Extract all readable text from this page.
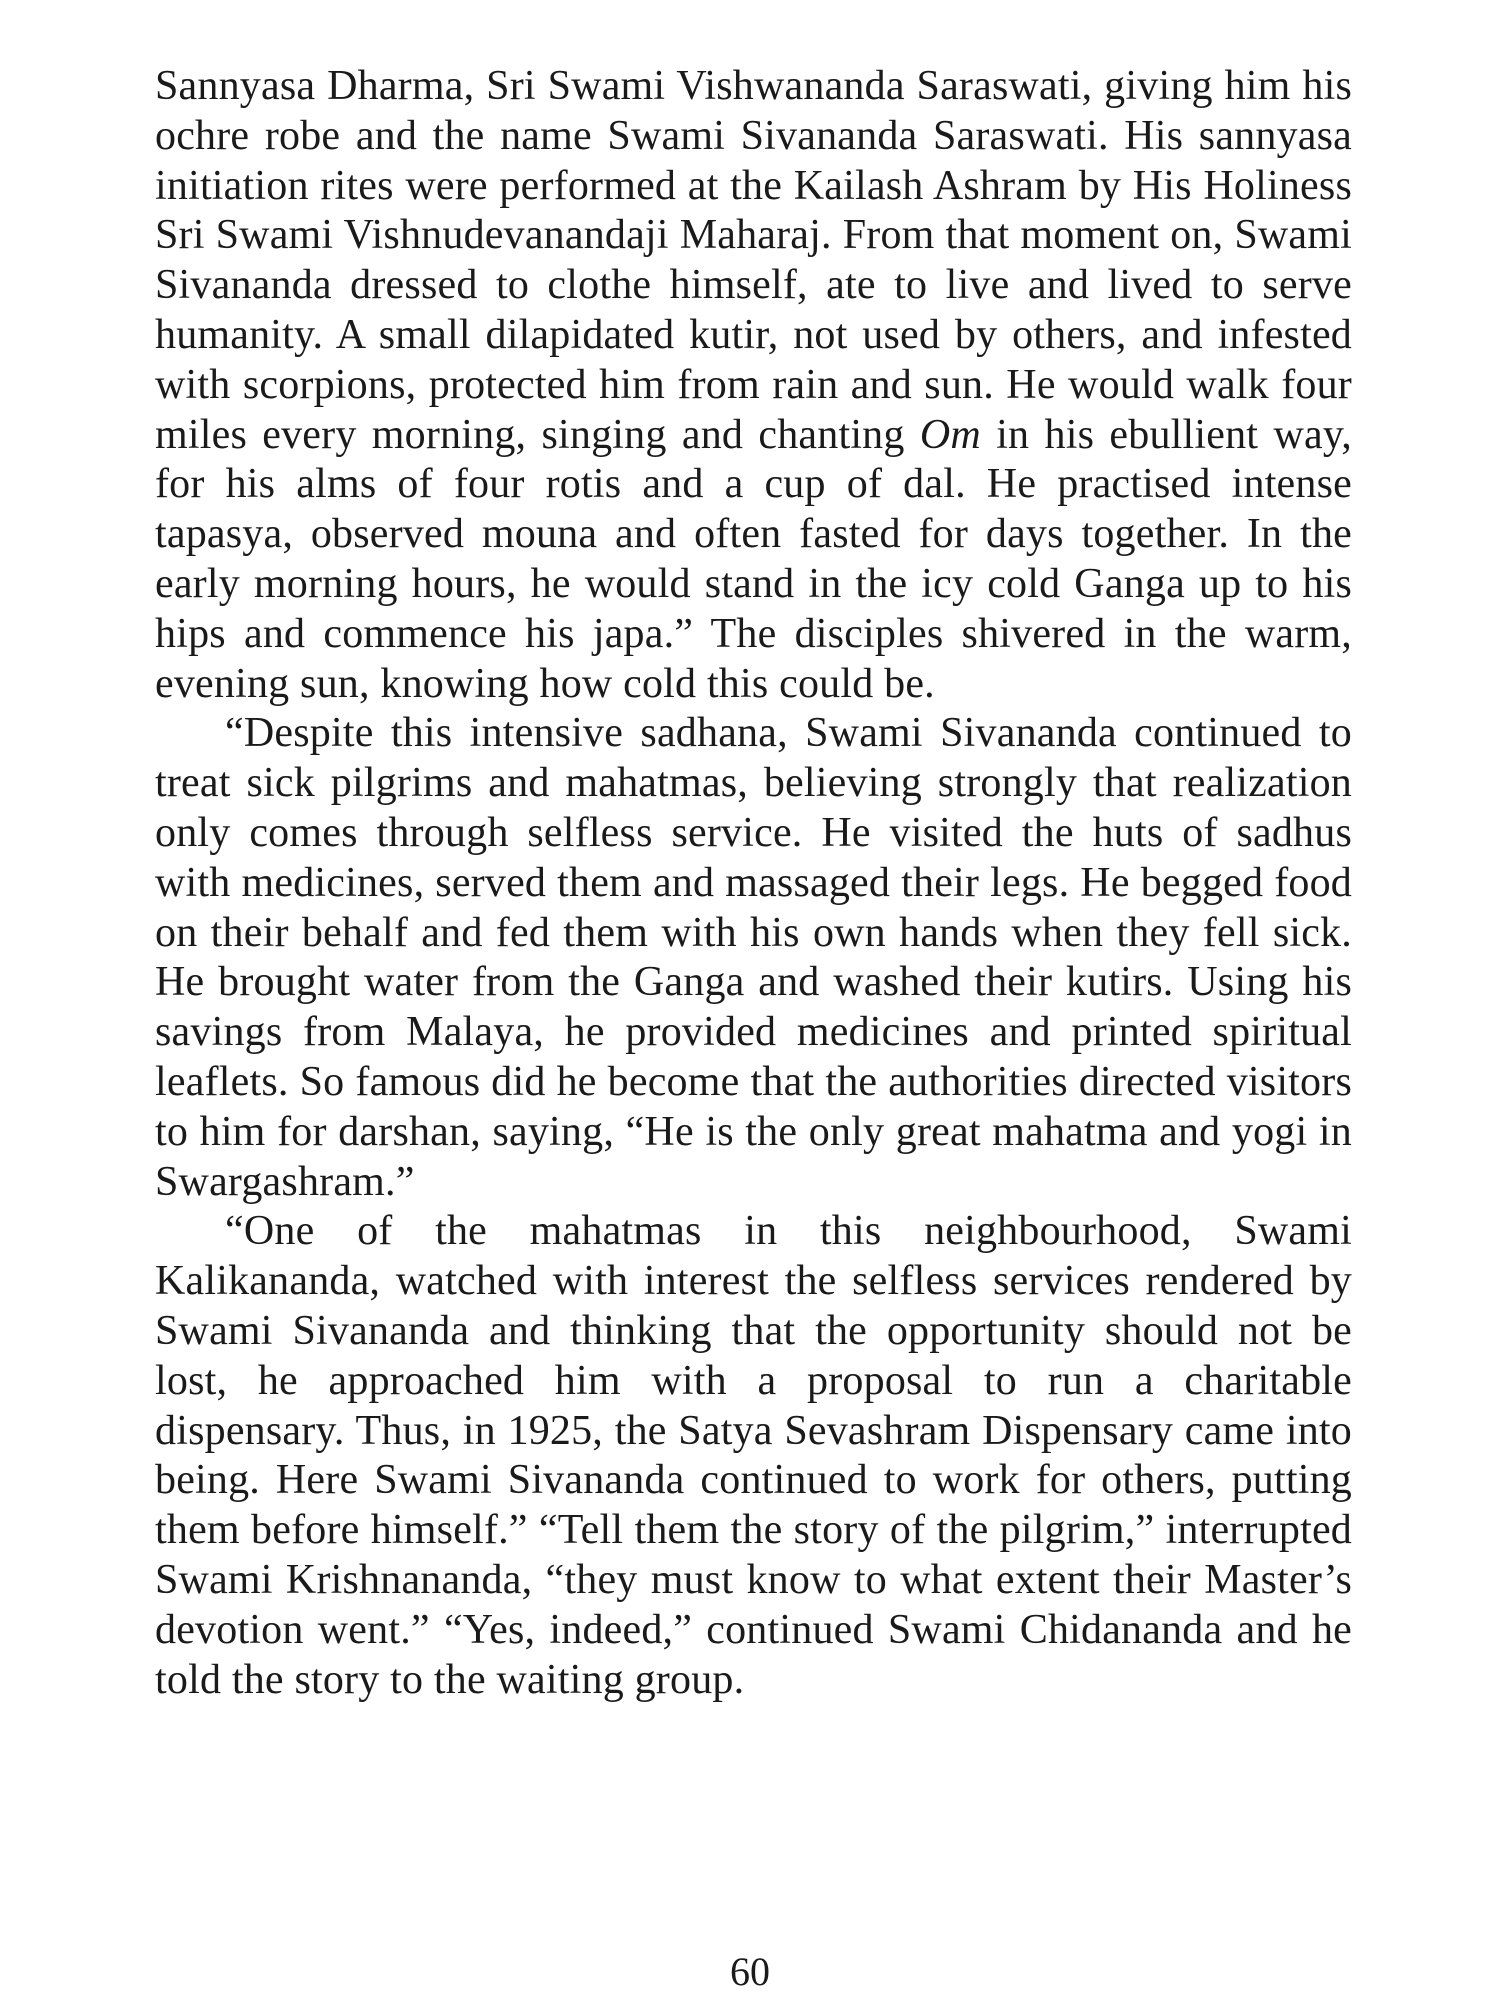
Sannyasa Dharma, Sri Swami Vishwananda Saraswati, giving him his ochre robe and the name Swami Sivananda Saraswati. His sannyasa initiation rites were performed at the Kailash Ashram by His Holiness Sri Swami Vishnudevanandaji Maharaj. From that moment on, Swami Sivananda dressed to clothe himself, ate to live and lived to serve humanity. A small dilapidated kutir, not used by others, and infested with scorpions, protected him from rain and sun. He would walk four miles every morning, singing and chanting Om in his ebullient way, for his alms of four rotis and a cup of dal. He practised intense tapasya, observed mouna and often fasted for days together. In the early morning hours, he would stand in the icy cold Ganga up to his hips and commence his japa.” The disciples shivered in the warm, evening sun, knowing how cold this could be.

“Despite this intensive sadhana, Swami Sivananda continued to treat sick pilgrims and mahatmas, believing strongly that realization only comes through selfless service. He visited the huts of sadhus with medicines, served them and massaged their legs. He begged food on their behalf and fed them with his own hands when they fell sick. He brought water from the Ganga and washed their kutirs. Using his savings from Malaya, he provided medicines and printed spiritual leaflets. So famous did he become that the authorities directed visitors to him for darshan, saying, “He is the only great mahatma and yogi in Swargashram.”

“One of the mahatmas in this neighbourhood, Swami Kalikananda, watched with interest the selfless services rendered by Swami Sivananda and thinking that the opportunity should not be lost, he approached him with a proposal to run a charitable dispensary. Thus, in 1925, the Satya Sevashram Dispensary came into being. Here Swami Sivananda continued to work for others, putting them before himself.” “Tell them the story of the pilgrim,” interrupted Swami Krishnananda, “they must know to what extent their Master’s devotion went.” “Yes, indeed,” continued Swami Chidananda and he told the story to the waiting group.

60
